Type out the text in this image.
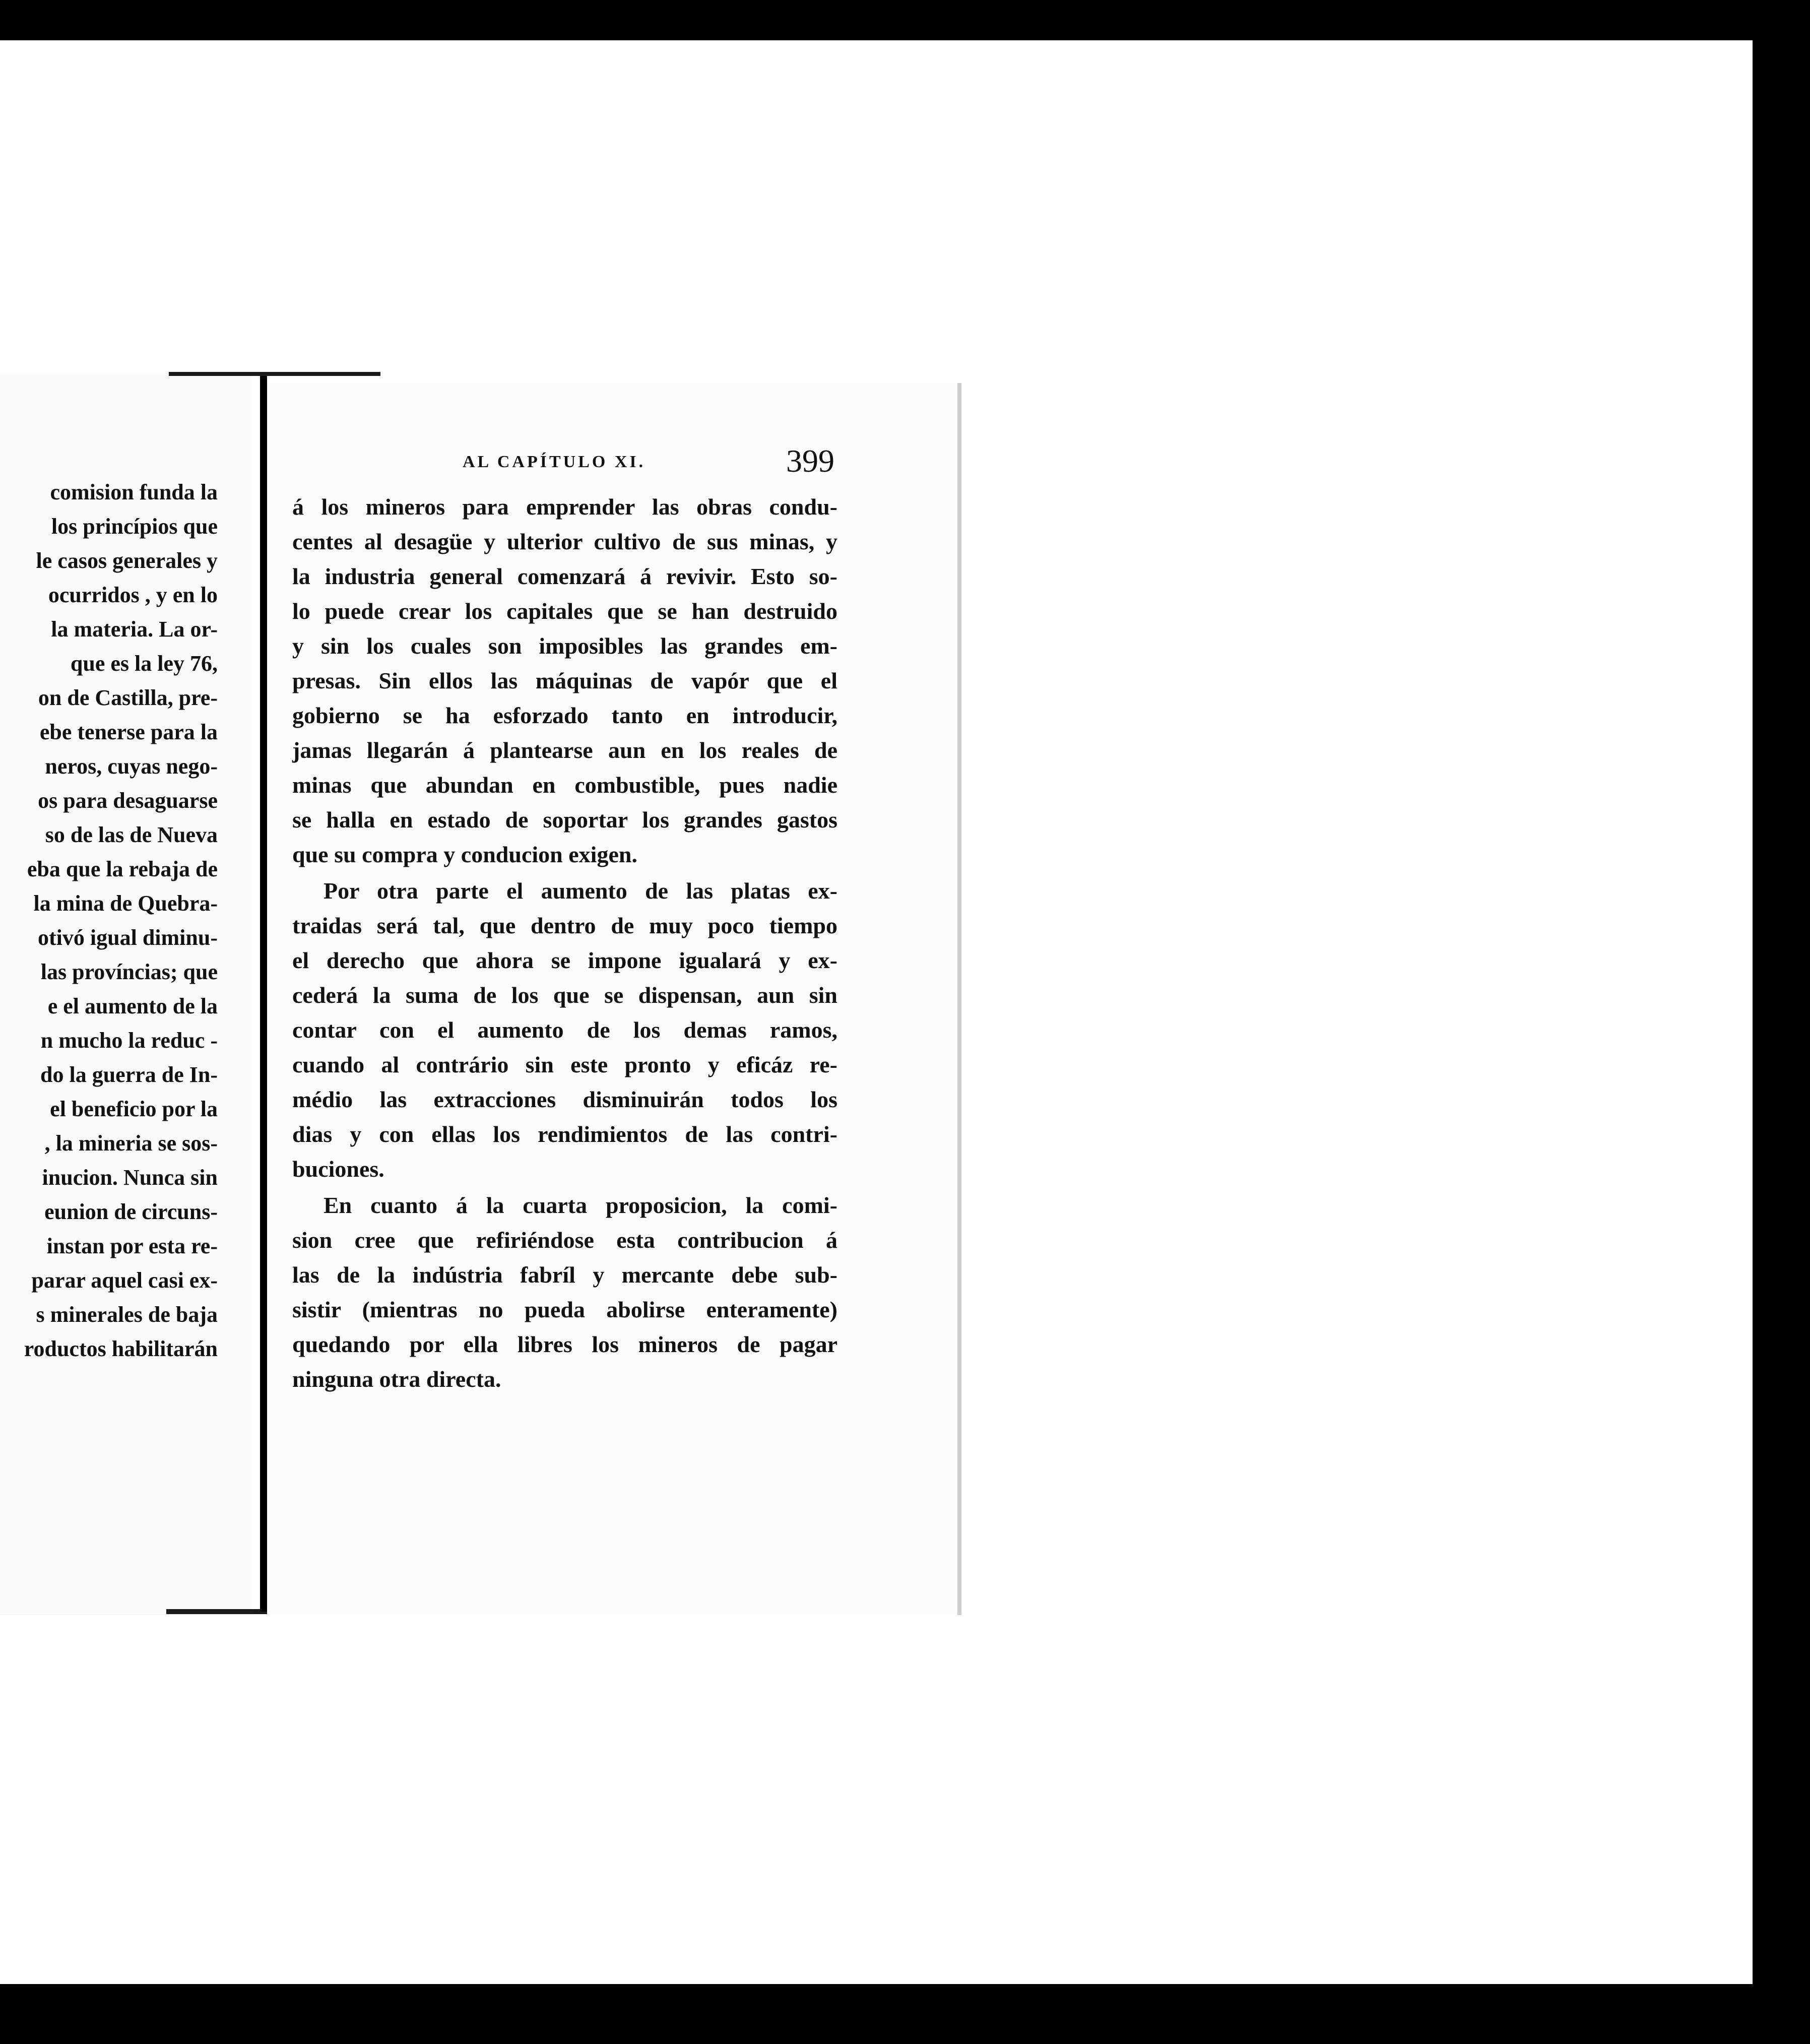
comision funda la
los princípios que
le casos generales y
ocurridos , y en lo
la materia. La or-
que es la ley 76,
on de Castilla, pre-
ebe tenerse para la
neros, cuyas nego-
os para desaguarse
so de las de Nueva
eba que la rebaja de
la mina de Quebra-
otivó igual diminu-
las províncias; que
e el aumento de la
n mucho la reduc -
do la guerra de In-
el beneficio por la
, la mineria se sos-
inucion. Nunca sin
eunion de circuns-
instan por esta re-
parar aquel casi ex-
s minerales de baja
roductos habilitarán
AL CAPÍTULO XI.	399
á los mineros para emprender las obras condu-
centes al desagüe y ulterior cultivo de sus minas, y
la industria general comenzará á revivir. Esto so-
lo puede crear los capitales que se han destruido
y sin los cuales son imposibles las grandes em-
presas. Sin ellos las máquinas de vapór que el
gobierno se ha esforzado tanto en introducir,
jamas llegarán á plantearse aun en los reales de
minas que abundan en combustible, pues nadie
se halla en estado de soportar los grandes gastos
que su compra y conducion exigen.
Por otra parte el aumento de las platas ex-
traidas será tal, que dentro de muy poco tiempo
el derecho que ahora se impone igualará y ex-
cederá la suma de los que se dispensan, aun sin
contar con el aumento de los demas ramos,
cuando al contrário sin este pronto y eficáz re-
médio las extracciones disminuirán todos los
dias y con ellas los rendimientos de las contri-
buciones.
En cuanto á la cuarta proposicion, la comi-
sion cree que refiriéndose esta contribucion á
las de la indústria fabríl y mercante debe sub-
sistir (mientras no pueda abolirse enteramente)
quedando por ella libres los mineros de pagar
ninguna otra directa.
